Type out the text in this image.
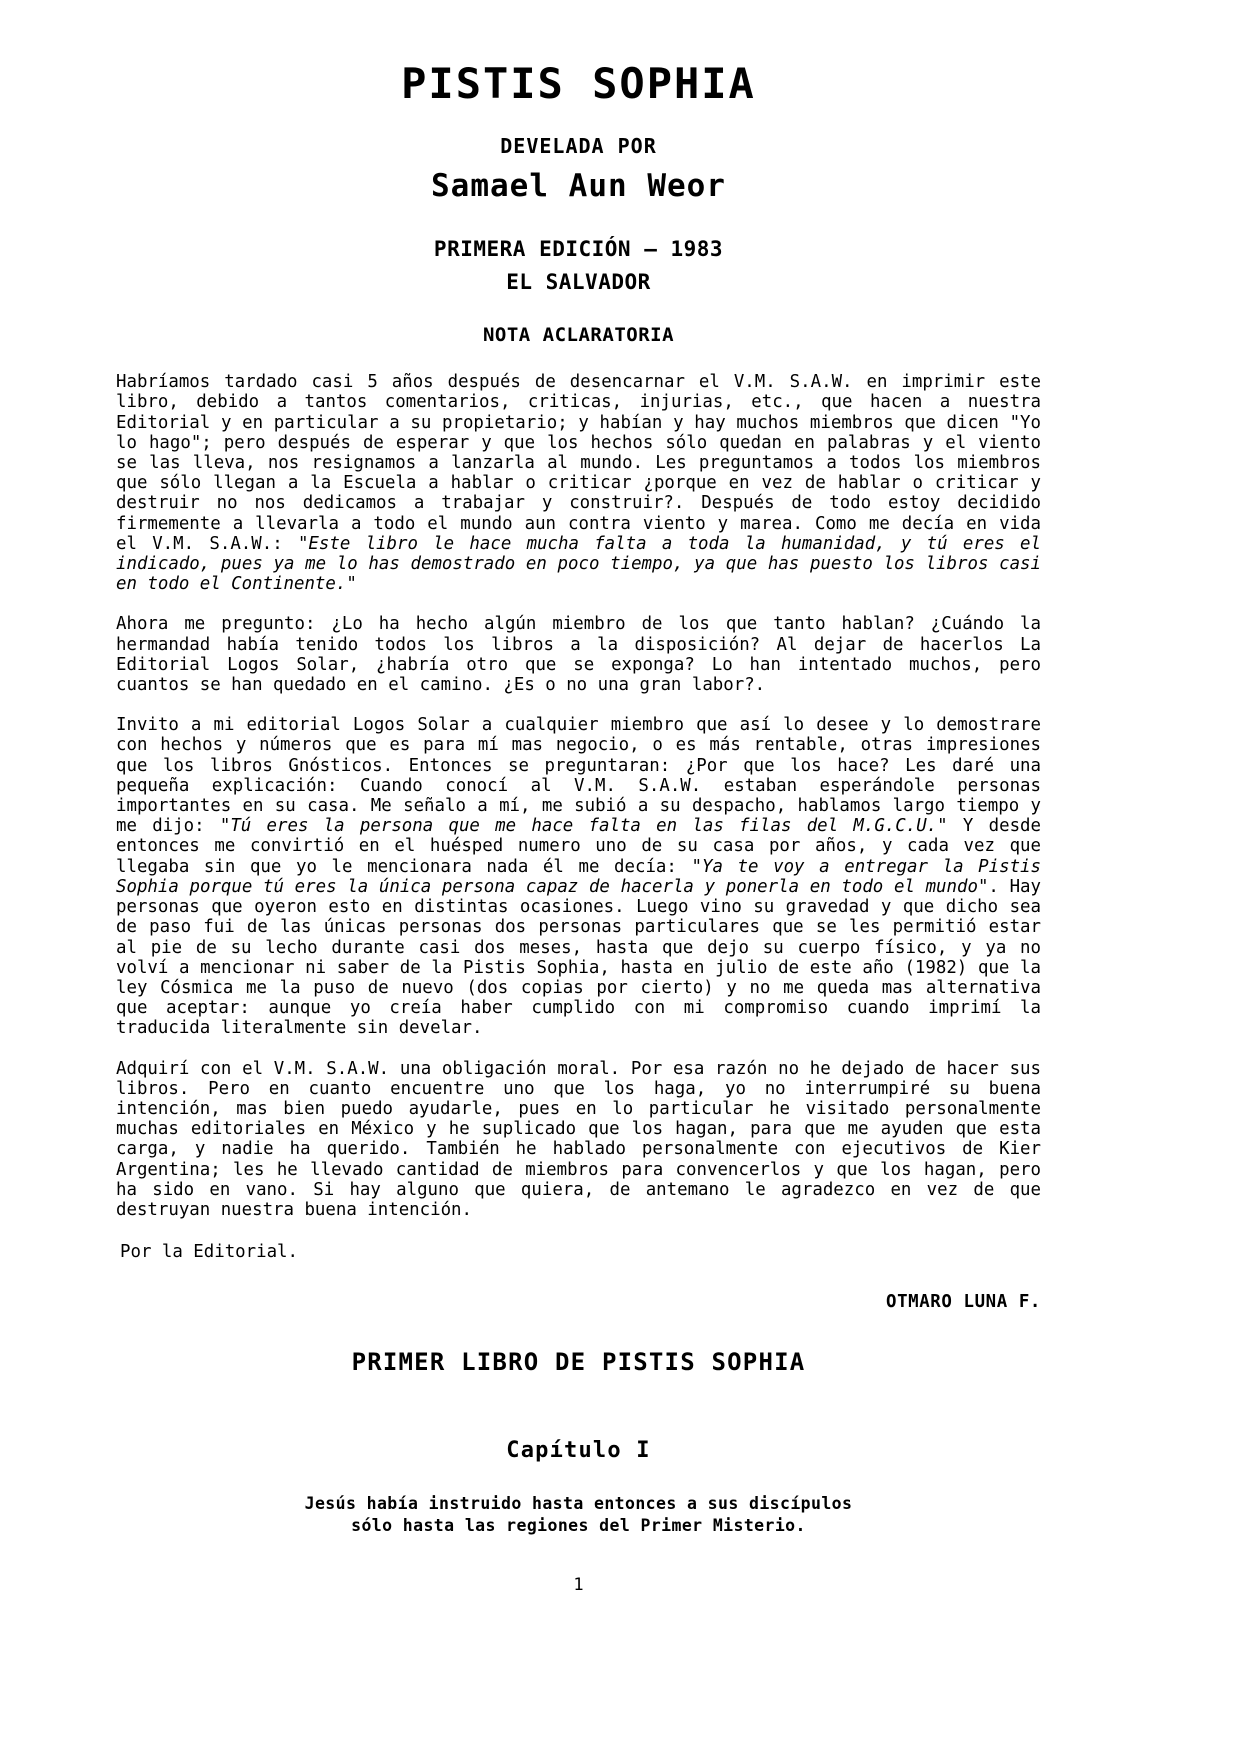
PISTIS SOPHIA
DEVELADA POR
Samael Aun Weor
PRIMERA EDICIÓN – 1983
EL SALVADOR
NOTA ACLARATORIA

Habríamos tardado casi 5 años después de desencarnar el V.M. S.A.W. en imprimir este libro, debido a tantos comentarios, criticas, injurias, etc., que hacen a nuestra Editorial y en particular a su propietario; y habían y hay muchos miembros que dicen "Yo lo hago"; pero después de esperar y que los hechos sólo quedan en palabras y el viento se las lleva, nos resignamos a lanzarla al mundo. Les preguntamos a todos los miembros que sólo llegan a la Escuela a hablar o criticar ¿porque en vez de hablar o criticar y destruir no nos dedicamos a trabajar y construir?. Después de todo estoy decidido firmemente a llevarla a todo el mundo aun contra viento y marea. Como me decía en vida el V.M. S.A.W.: "Este libro le hace mucha falta a toda la humanidad, y tú eres el indicado, pues ya me lo has demostrado en poco tiempo, ya que has puesto los libros casi en todo el Continente."

Ahora me pregunto: ¿Lo ha hecho algún miembro de los que tanto hablan? ¿Cuándo la hermandad había tenido todos los libros a la disposición? Al dejar de hacerlos La Editorial Logos Solar, ¿habría otro que se exponga? Lo han intentado muchos, pero cuantos se han quedado en el camino. ¿Es o no una gran labor?.

Invito a mi editorial Logos Solar a cualquier miembro que así lo desee y lo demostrare con hechos y números que es para mí mas negocio, o es más rentable, otras impresiones que los libros Gnósticos. Entonces se preguntaran: ¿Por que los hace? Les daré una pequeña explicación: Cuando conocí al V.M. S.A.W. estaban esperándole personas importantes en su casa. Me señalo a mí, me subió a su despacho, hablamos largo tiempo y me dijo: "Tú eres la persona que me hace falta en las filas del M.G.C.U." Y desde entonces me convirtió en el huésped numero uno de su casa por años, y cada vez que llegaba sin que yo le mencionara nada él me decía: "Ya te voy a entregar la Pistis Sophia porque tú eres la única persona capaz de hacerla y ponerla en todo el mundo". Hay personas que oyeron esto en distintas ocasiones. Luego vino su gravedad y que dicho sea de paso fui de las únicas personas dos personas particulares que se les permitió estar al pie de su lecho durante casi dos meses, hasta que dejo su cuerpo físico, y ya no volví a mencionar ni saber de la Pistis Sophia, hasta en julio de este año (1982) que la ley Cósmica me la puso de nuevo (dos copias por cierto) y no me queda mas alternativa que aceptar: aunque yo creía haber cumplido con mi compromiso cuando imprimí la traducida literalmente sin develar.

Adquirí con el V.M. S.A.W. una obligación moral. Por esa razón no he dejado de hacer sus libros. Pero en cuanto encuentre uno que los haga, yo no interrumpiré su buena intención, mas bien puedo ayudarle, pues en lo particular he visitado personalmente muchas editoriales en México y he suplicado que los hagan, para que me ayuden que esta carga, y nadie ha querido. También he hablado personalmente con ejecutivos de Kier Argentina; les he llevado cantidad de miembros para convencerlos y que los hagan, pero ha sido en vano. Si hay alguno que quiera, de antemano le agradezco en vez de que destruyan nuestra buena intención.

Por la Editorial.
OTMARO LUNA F.
PRIMER LIBRO DE PISTIS SOPHIA
Capítulo I
Jesús había instruido hasta entonces a sus discípulos
sólo hasta las regiones del Primer Misterio.
1
